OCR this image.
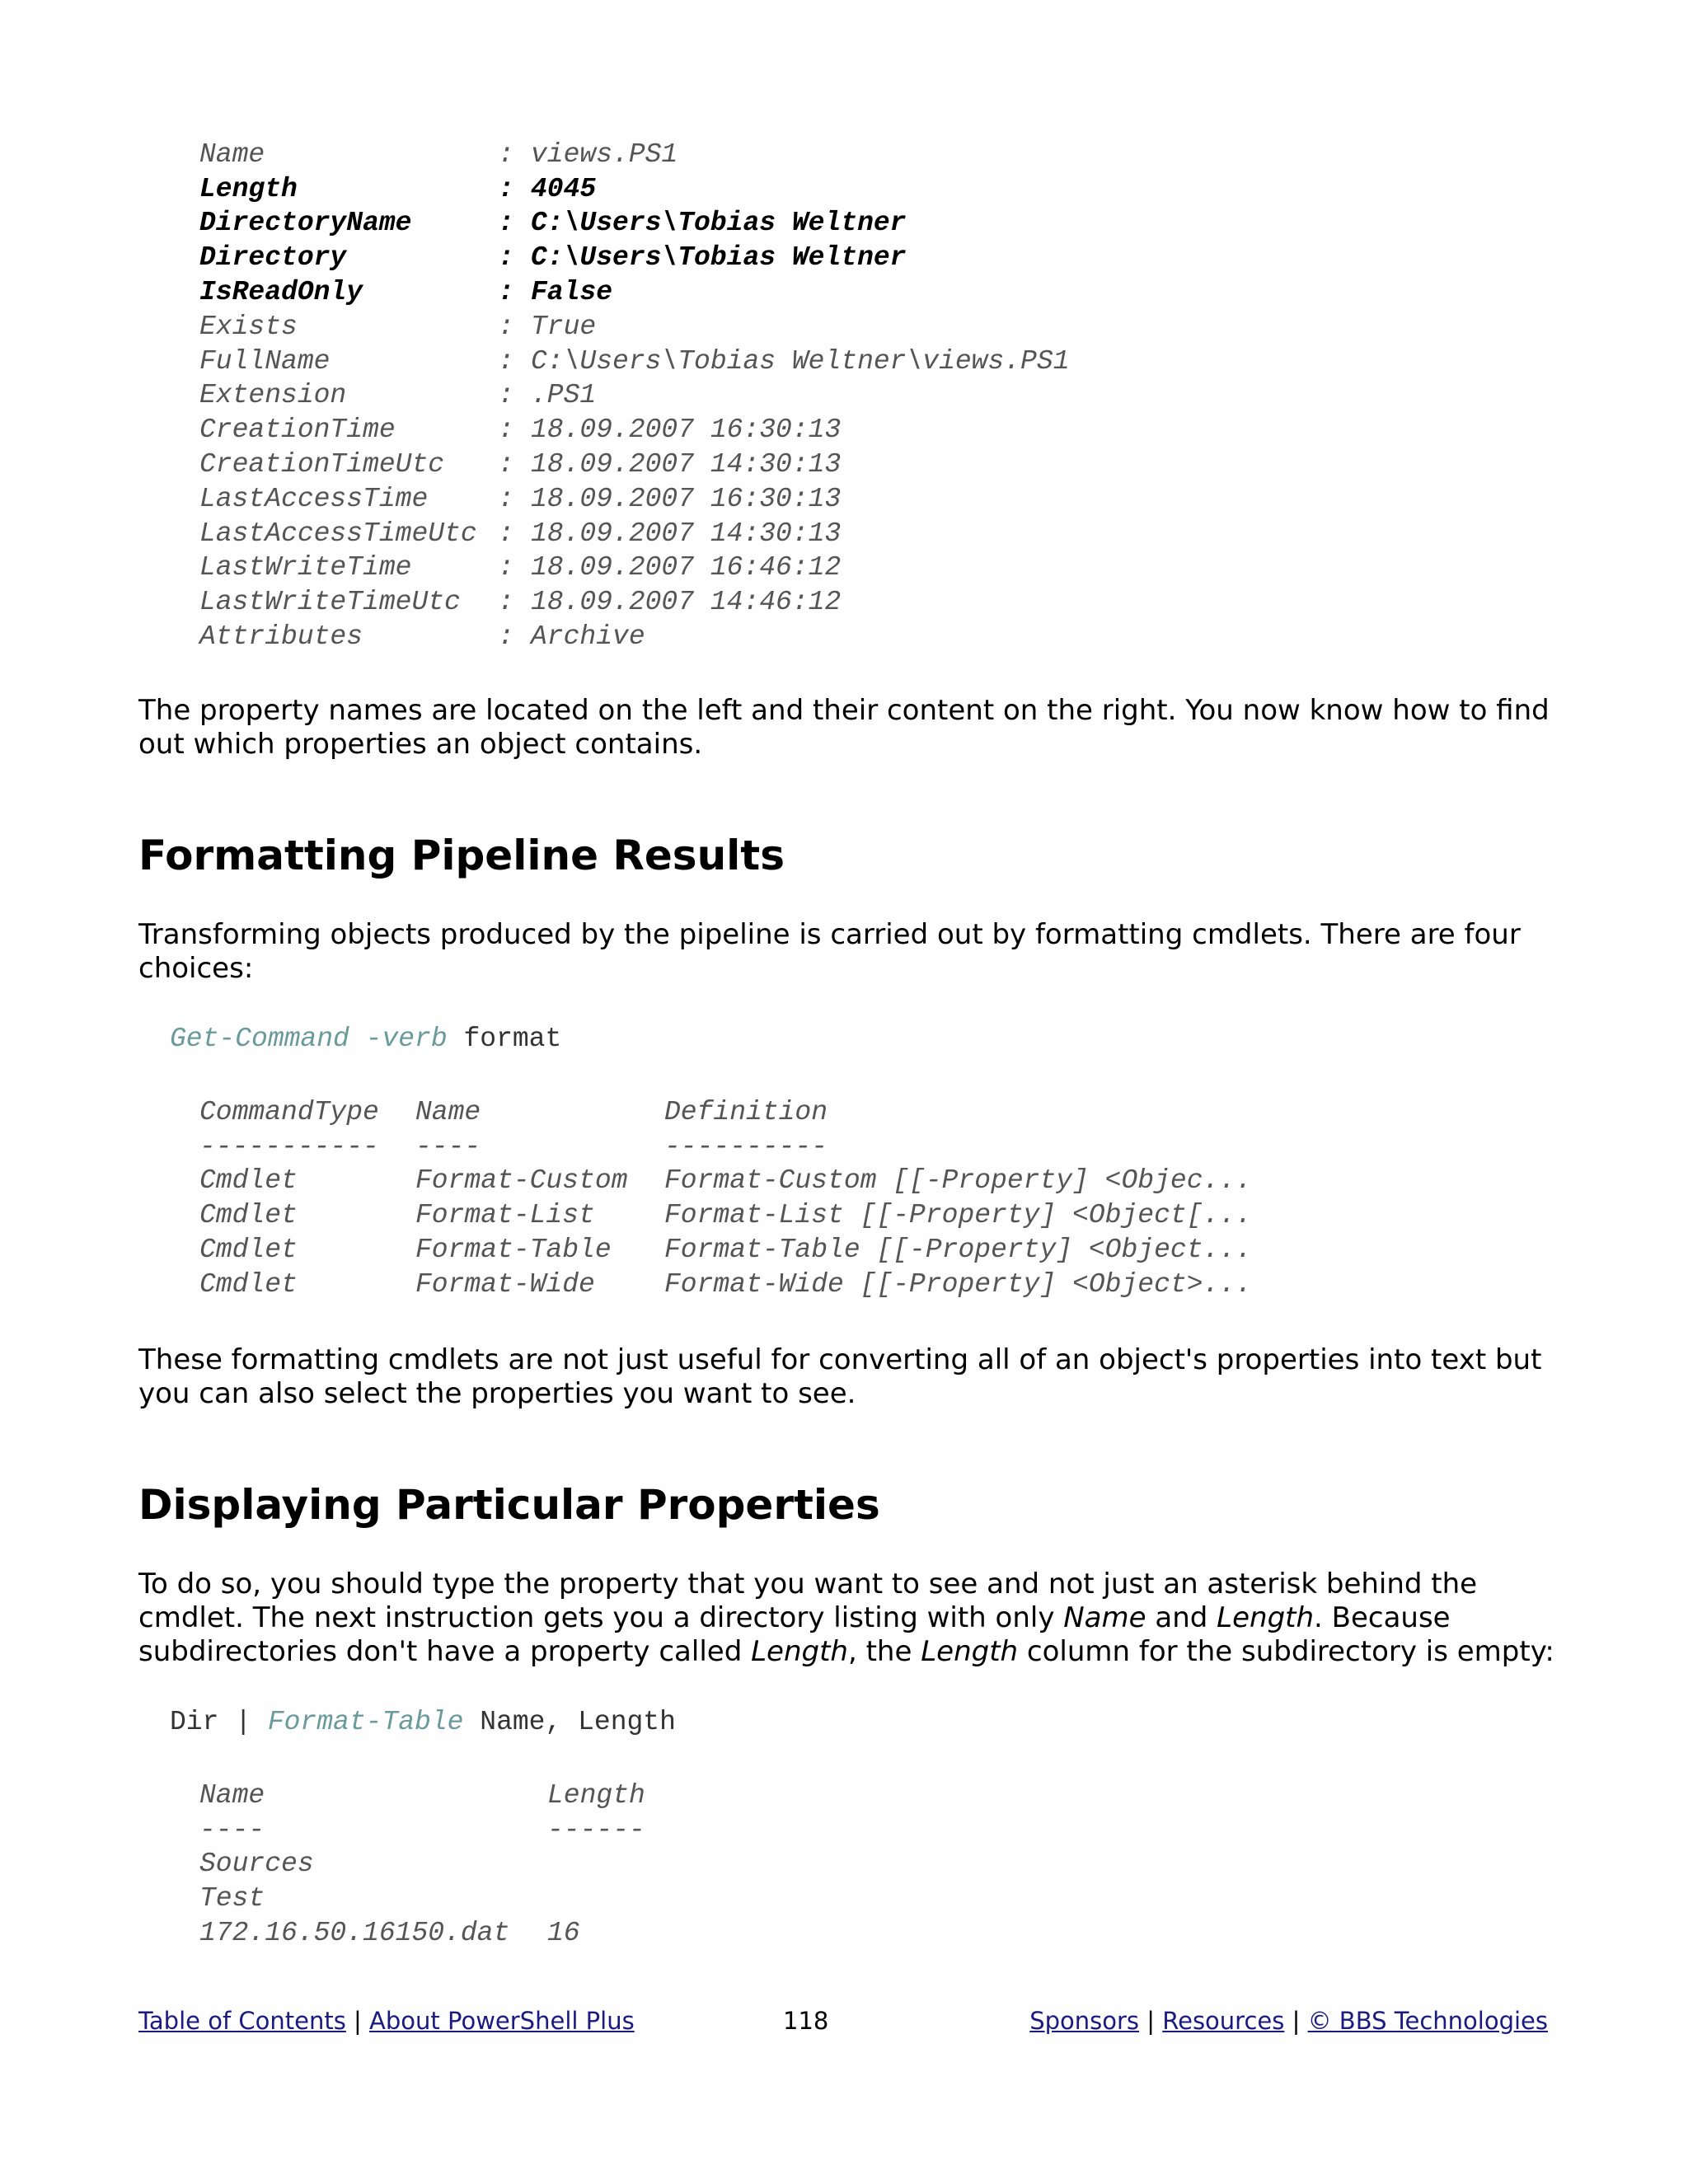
Name	: views.PS1
Length	: 4045
DirectoryName	: C:\Users\Tobias Weltner
Directory	: C:\Users\Tobias Weltner
IsReadOnly	: False
Exists	: True
FullName	: C:\Users\Tobias Weltner\views.PS1
Extension	: .PS1
CreationTime	: 18.09.2007 16:30:13
CreationTimeUtc : 18.09.2007 14:30:13
LastAccessTime	: 18.09.2007 16:30:13
LastAccessTimeUtc : 18.09.2007 14:30:13
LastWriteTime	: 18.09.2007 16:46:12
LastWriteTimeUtc : 18.09.2007 14:46:12
Attributes	: Archive
The property names are located on the left and their content on the right. You now know how to find out which properties an object contains.
Formatting Pipeline Results
Transforming objects produced by the pipeline is carried out by formatting cmdlets. There are four choices:
Get-Command -verb format
CommandType Name	Definition
----------- ----	----------
Cmdlet	Format-Custom Format-Custom [[-Property] <Objec...
Cmdlet	Format-List	Format-List [[-Property] <Object[...
Cmdlet	Format-Table Format-Table [[-Property] <Object...
Cmdlet	Format-Wide	Format-Wide [[-Property] <Object>...
These formatting cmdlets are not just useful for converting all of an object's properties into text but you can also select the properties you want to see.
Displaying Particular Properties
To do so, you should type the property that you want to see and not just an asterisk behind the cmdlet. The next instruction gets you a directory listing with only Name and Length. Because subdirectories don't have a property called Length, the Length column for the subdirectory is empty:
Dir | Format-Table Name, Length
Name	Length
----	------
Sources
Test
172.16.50.16150.dat 16
Table of Contents | About PowerShell Plus	118	Sponsors | Resources | © BBS Technologies
